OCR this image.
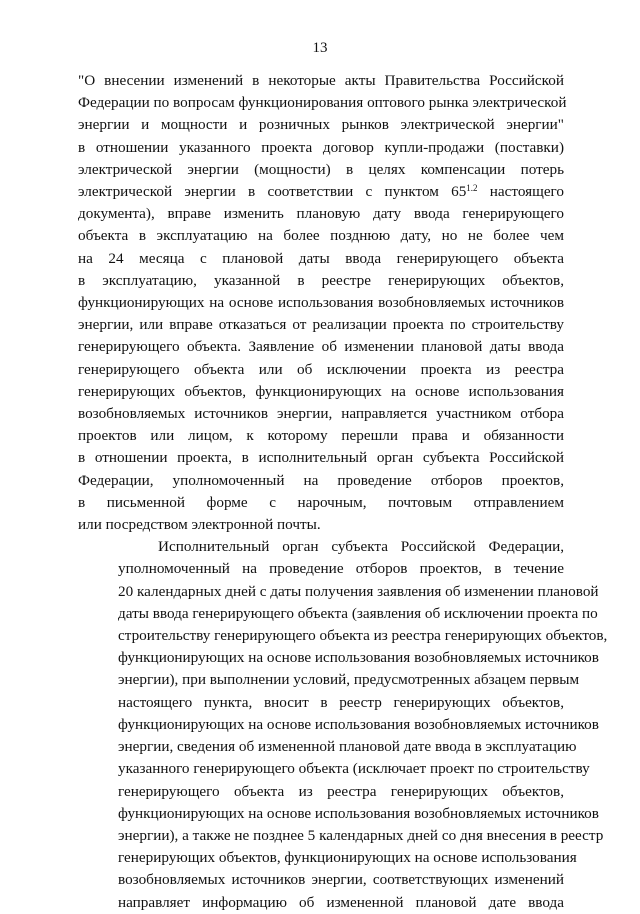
13
"О внесении изменений в некоторые акты Правительства Российской
Федерации по вопросам функционирования оптового рынка электрической
энергии и мощности и розничных рынков электрической энергии"
в отношении указанного проекта договор купли-продажи (поставки)
электрической энергии (мощности) в целях компенсации потерь
электрической энергии в соответствии с пунктом $65^{1.2}$ настоящего
документа), вправе изменить плановую дату ввода генерирующего
объекта в эксплуатацию на более позднюю дату, но не более чем
на 24 месяца с плановой даты ввода генерирующего объекта
в эксплуатацию, указанной в реестре генерирующих объектов,
функционирующих на основе использования возобновляемых источников
энергии, или вправе отказаться от реализации проекта по строительству
генерирующего объекта. Заявление об изменении плановой даты ввода
генерирующего объекта или об исключении проекта из реестра
генерирующих объектов, функционирующих на основе использования
возобновляемых источников энергии, направляется участником отбора
проектов или лицом, к которому перешли права и обязанности
в отношении проекта, в исполнительный орган субъекта Российской
Федерации, уполномоченный на проведение отборов проектов,
в письменной форме с нарочным, почтовым отправлением
или посредством электронной почты.
Исполнительный орган субъекта Российской Федерации,
уполномоченный на проведение отборов проектов, в течение
20 календарных дней с даты получения заявления об изменении плановой
даты ввода генерирующего объекта (заявления об исключении проекта по
строительству генерирующего объекта из реестра генерирующих объектов,
функционирующих на основе использования возобновляемых источников
энергии), при выполнении условий, предусмотренных абзацем первым
настоящего пункта, вносит в реестр генерирующих объектов,
функционирующих на основе использования возобновляемых источников
энергии, сведения об измененной плановой дате ввода в эксплуатацию
указанного генерирующего объекта (исключает проект по строительству
генерирующего объекта из реестра генерирующих объектов,
функционирующих на основе использования возобновляемых источников
энергии), а также не позднее 5 календарных дней со дня внесения в реестр
генерирующих объектов, функционирующих на основе использования
возобновляемых источников энергии, соответствующих изменений
направляет информацию об измененной плановой дате ввода
